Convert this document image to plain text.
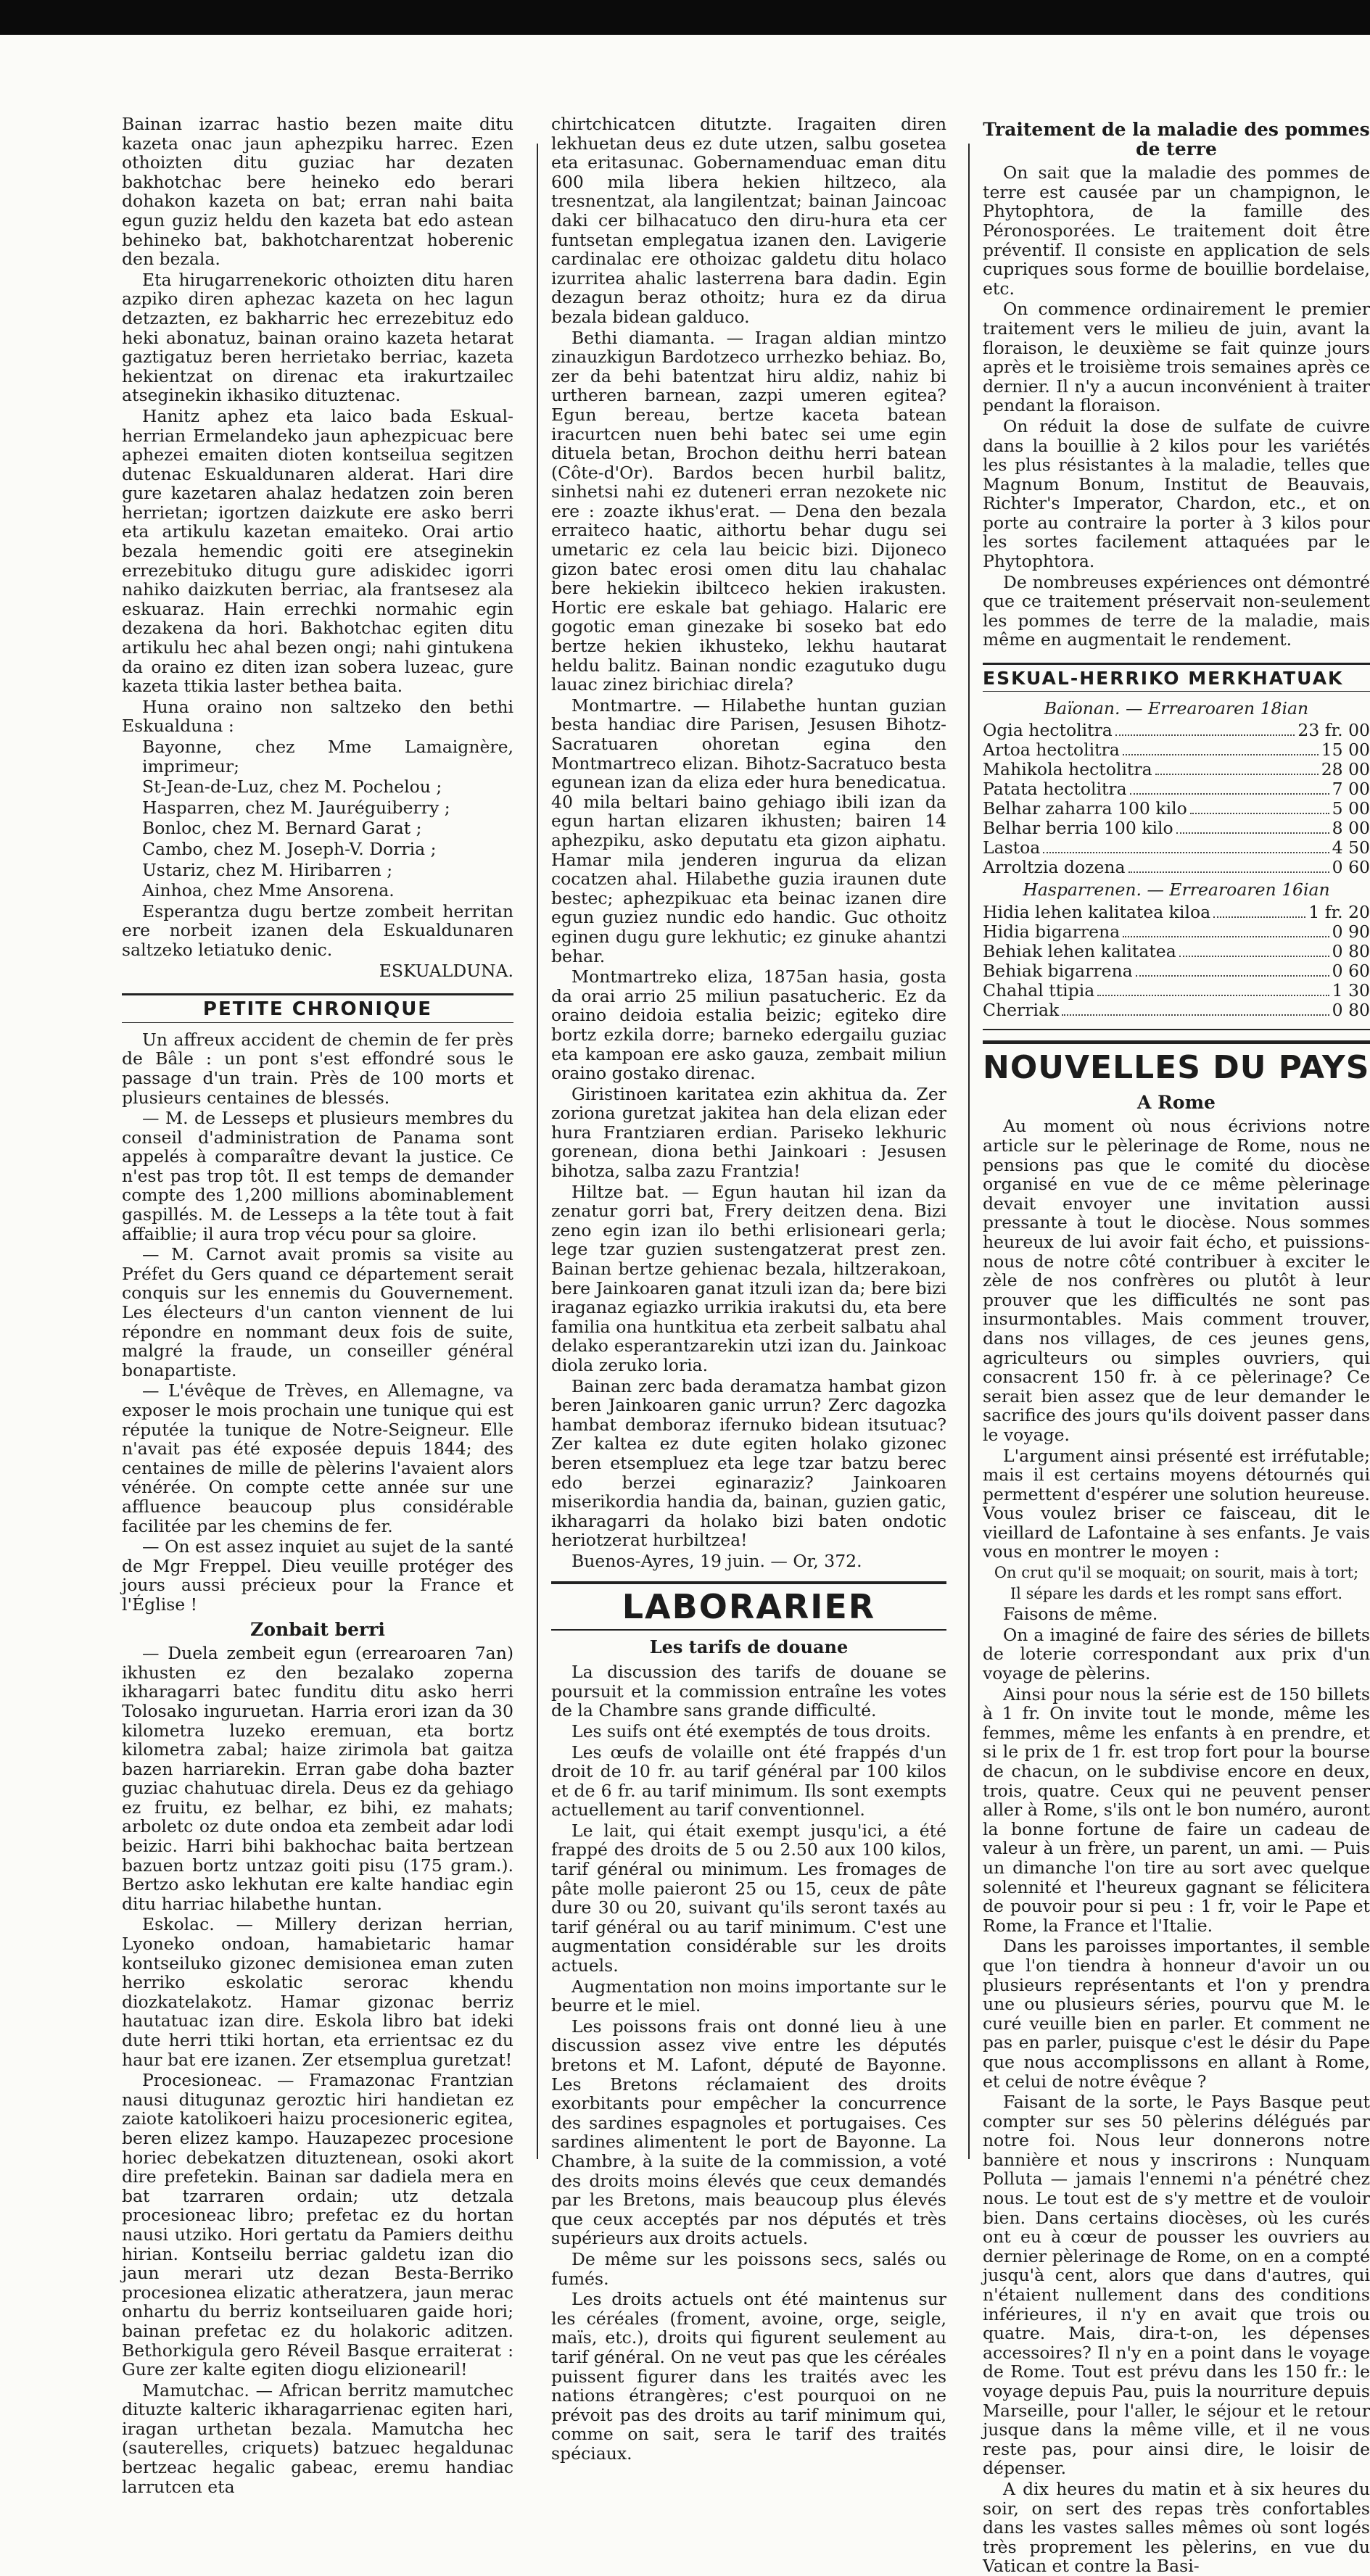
Bainan izarrac hastio bezen maite ditu kazeta onac jaun aphezpiku harrec. Ezen othoizten ditu guziac har dezaten bakhotchac bere heineko edo berari dohakon kazeta on bat; erran nahi baita egun guziz heldu den kazeta bat edo astean behineko bat, bakhotcharentzat hoberenic den bezala.

Eta hirugarrenekoric othoizten ditu haren azpiko diren aphezac kazeta on hec lagun detzazten, ez bakharric hec errezebituz edo heki abonatuz, bainan oraino kazeta hetarat gaztigatuz beren herrietako berriac, kazeta hekientzat on direnac eta irakurtzailec atseginekin ikhasiko dituztenac.

Hanitz aphez eta laico bada Eskual-herrian Ermelandeko jaun aphezpicuac bere aphezei emaiten dioten kontseilua segitzen dutenac Eskualdunaren alderat. Hari dire gure kazetaren ahalaz hedatzen zoin beren herrietan; igortzen daizkute ere asko berri eta artikulu kazetan emaiteko. Orai artio bezala hemendic goiti ere atseginekin errezebituko ditugu gure adiskidec igorri nahiko daizkuten berriac, ala frantsesez ala eskuaraz. Hain errechki normahic egin dezakena da hori. Bakhotchac egiten ditu artikulu hec ahal bezen ongi; nahi gintukena da oraino ez diten izan sobera luzeac, gure kazeta ttikia laster bethea baita.

Huna oraino non saltzeko den bethi Eskualduna :

Bayonne, chez Mme Lamaignère, imprimeur;

St-Jean-de-Luz, chez M. Pochelou ;

Hasparren, chez M. Jauréguiberry ;

Bonloc, chez M. Bernard Garat ;

Cambo, chez M. Joseph-V. Dorria ;

Ustariz, chez M. Hiribarren ;

Ainhoa, chez Mme Ansorena.

Esperantza dugu bertze zombeit herritan ere norbeit izanen dela Eskualdunaren saltzeko letiatuko denic.

ESKUALDUNA.

PETITE CHRONIQUE

Un affreux accident de chemin de fer près de Bâle : un pont s'est effondré sous le passage d'un train. Près de 100 morts et plusieurs centaines de blessés.

— M. de Lesseps et plusieurs membres du conseil d'administration de Panama sont appelés à comparaître devant la justice. Ce n'est pas trop tôt. Il est temps de demander compte des 1,200 millions abominablement gaspillés. M. de Lesseps a la tête tout à fait affaiblie; il aura trop vécu pour sa gloire.

— M. Carnot avait promis sa visite au Préfet du Gers quand ce département serait conquis sur les ennemis du Gouvernement. Les électeurs d'un canton viennent de lui répondre en nommant deux fois de suite, malgré la fraude, un conseiller général bonapartiste.

— L'évêque de Trèves, en Allemagne, va exposer le mois prochain une tunique qui est réputée la tunique de Notre-Seigneur. Elle n'avait pas été exposée depuis 1844; des centaines de mille de pèlerins l'avaient alors vénérée. On compte cette année sur une affluence beaucoup plus considérable facilitée par les chemins de fer.

— On est assez inquiet au sujet de la santé de Mgr Freppel. Dieu veuille protéger des jours aussi précieux pour la France et l'Église !

Zonbait berri

— Duela zembeit egun (errearoaren 7an) ikhusten ez den bezalako zoperna ikharagarri batec funditu ditu asko herri Tolosako inguruetan. Harria erori izan da 30 kilometra luzeko eremuan, eta bortz kilometra zabal; haize zirimola bat gaitza bazen harriarekin. Erran gabe doha bazter guziac chahutuac direla. Deus ez da gehiago ez fruitu, ez belhar, ez bihi, ez mahats; arboletc oz dute ondoa eta zembeit adar lodi beizic. Harri bihi bakhochac baita bertzean bazuen bortz untzaz goiti pisu (175 gram.). Bertzo asko lekhutan ere kalte handiac egin ditu harriac hilabethe huntan.

Eskolac. — Millery derizan herrian, Lyoneko ondoan, hamabietaric hamar kontseiluko gizonec demisionea eman zuten herriko eskolatic serorac khendu diozkatelakotz. Hamar gizonac berriz hautatuac izan dire. Eskola libro bat ideki dute herri ttiki hortan, eta errientsac ez du haur bat ere izanen. Zer etsemplua guretzat!

Procesioneac. — Framazonac Frantzian nausi ditugunaz geroztic hiri handietan ez zaiote katolikoeri haizu procesioneric egitea, beren elizez kampo. Hauzapezec procesione horiec debekatzen dituztenean, osoki akort dire prefetekin. Bainan sar dadiela mera en bat tzarraren ordain; utz detzala procesioneac libro; prefetac ez du hortan nausi utziko. Hori gertatu da Pamiers deithu hirian. Kontseilu berriac galdetu izan dio jaun merari utz dezan Besta-Berriko procesionea elizatic atheratzera, jaun merac onhartu du berriz kontseiluaren gaide hori; bainan prefetac ez du holakoric aditzen. Bethorkigula gero Réveil Basque erraiterat : Gure zer kalte egiten diogu elizionearil!

Mamutchac. — African berritz mamutchec dituzte kalteric ikharagarrienac egiten hari, iragan urthetan bezala. Mamutcha hec (sauterelles, criquets) batzuec hegaldunac bertzeac hegalic gabeac, eremu handiac larrutcen eta

chirtchicatcen ditutzte. Iragaiten diren lekhuetan deus ez dute utzen, salbu gosetea eta eritasunac. Gobernamenduac eman ditu 600 mila libera hekien hiltzeco, ala tresnentzat, ala langilentzat; bainan Jaincoac daki cer bilhacatuco den diru-hura eta cer funtsetan emplegatua izanen den. Lavigerie cardinalac ere othoizac galdetu ditu holaco izurritea ahalic lasterrena bara dadin. Egin dezagun beraz othoitz; hura ez da dirua bezala bidean galduco.

Bethi diamanta. — Iragan aldian mintzo zinauzkigun Bardotzeco urrhezko behiaz. Bo, zer da behi batentzat hiru aldiz, nahiz bi urtheren barnean, zazpi umeren egitea? Egun bereau, bertze kaceta batean iracurtcen nuen behi batec sei ume egin dituela betan, Brochon deithu herri batean (Côte-d'Or). Bardos becen hurbil balitz, sinhetsi nahi ez duteneri erran nezokete nic ere : zoazte ikhus'erat. — Dena den bezala erraiteco haatic, aithortu behar dugu sei umetaric ez cela lau beicic bizi. Dijoneco gizon batec erosi omen ditu lau chahalac bere hekiekin ibiltceco hekien irakusten. Hortic ere eskale bat gehiago. Halaric ere gogotic eman ginezake bi soseko bat edo bertze hekien ikhusteko, lekhu hautarat heldu balitz. Bainan nondic ezagutuko dugu lauac zinez birichiac direla?

Montmartre. — Hilabethe huntan guzian besta handiac dire Parisen, Jesusen Bihotz-Sacratuaren ohoretan egina den Montmartreco elizan. Bihotz-Sacratuco besta egunean izan da eliza eder hura benedicatua. 40 mila beltari baino gehiago ibili izan da egun hartan elizaren ikhusten; bairen 14 aphezpiku, asko deputatu eta gizon aiphatu. Hamar mila jenderen ingurua da elizan cocatzen ahal. Hilabethe guzia iraunen dute bestec; aphezpikuac eta beinac izanen dire egun guziez nundic edo handic. Guc othoitz eginen dugu gure lekhutic; ez ginuke ahantzi behar.

Montmartreko eliza, 1875an hasia, gosta da orai arrio 25 miliun pasatucheric. Ez da oraino deidoia estalia beizic; egiteko dire bortz ezkila dorre; barneko edergailu guziac eta kampoan ere asko gauza, zembait miliun oraino gostako direnac.

Giristinoen karitatea ezin akhitua da. Zer zoriona guretzat jakitea han dela elizan eder hura Frantziaren erdian. Pariseko lekhuric gorenean, diona bethi Jainkoari : Jesusen bihotza, salba zazu Frantzia!

Hiltze bat. — Egun hautan hil izan da zenatur gorri bat, Frery deitzen dena. Bizi zeno egin izan ilo bethi erlisioneari gerla; lege tzar guzien sustengatzerat prest zen. Bainan bertze gehienac bezala, hiltzerakoan, bere Jainkoaren ganat itzuli izan da; bere bizi iraganaz egiazko urrikia irakutsi du, eta bere familia ona huntkitua eta zerbeit salbatu ahal delako esperantzarekin utzi izan du. Jainkoac diola zeruko loria.

Bainan zerc bada deramatza hambat gizon beren Jainkoaren ganic urrun? Zerc dagozka hambat demboraz ifernuko bidean itsutuac? Zer kaltea ez dute egiten holako gizonec beren etsempluez eta lege tzar batzu berec edo berzei eginaraziz? Jainkoaren miserikordia handia da, bainan, guzien gatic, ikharagarri da holako bizi baten ondotic heriotzerat hurbiltzea!

Buenos-Ayres, 19 juin. — Or, 372.

LABORARIER
Les tarifs de douane

La discussion des tarifs de douane se poursuit et la commission entraîne les votes de la Chambre sans grande difficulté.

Les suifs ont été exemptés de tous droits.

Les œufs de volaille ont été frappés d'un droit de 10 fr. au tarif général par 100 kilos et de 6 fr. au tarif minimum. Ils sont exempts actuellement au tarif conventionnel.

Le lait, qui était exempt jusqu'ici, a été frappé des droits de 5 ou 2.50 aux 100 kilos, tarif général ou minimum. Les fromages de pâte molle paieront 25 ou 15, ceux de pâte dure 30 ou 20, suivant qu'ils seront taxés au tarif général ou au tarif minimum. C'est une augmentation considérable sur les droits actuels.

Augmentation non moins importante sur le beurre et le miel.

Les poissons frais ont donné lieu à une discussion assez vive entre les députés bretons et M. Lafont, député de Bayonne. Les Bretons réclamaient des droits exorbitants pour empêcher la concurrence des sardines espagnoles et portugaises. Ces sardines alimentent le port de Bayonne. La Chambre, à la suite de la commission, a voté des droits moins élevés que ceux demandés par les Bretons, mais beaucoup plus élevés que ceux acceptés par nos députés et très supérieurs aux droits actuels.

De même sur les poissons secs, salés ou fumés.

Les droits actuels ont été maintenus sur les céréales (froment, avoine, orge, seigle, maïs, etc.), droits qui figurent seulement au tarif général. On ne veut pas que les céréales puissent figurer dans les traités avec les nations étrangères; c'est pourquoi on ne prévoit pas des droits au tarif minimum qui, comme on sait, sera le tarif des traités spéciaux.

Traitement de la maladie des pommes de terre

On sait que la maladie des pommes de terre est causée par un champignon, le Phytophtora, de la famille des Péronosporées. Le traitement doit être préventif. Il consiste en application de sels cupriques sous forme de bouillie bordelaise, etc.

On commence ordinairement le premier traitement vers le milieu de juin, avant la floraison, le deuxième se fait quinze jours après et le troisième trois semaines après ce dernier. Il n'y a aucun inconvénient à traiter pendant la floraison.

On réduit la dose de sulfate de cuivre dans la bouillie à 2 kilos pour les variétés les plus résistantes à la maladie, telles que Magnum Bonum, Institut de Beauvais, Richter's Imperator, Chardon, etc., et on porte au contraire la porter à 3 kilos pour les sortes facilement attaquées par le Phytophtora.

De nombreuses expériences ont démontré que ce traitement préservait non-seulement les pommes de terre de la maladie, mais même en augmentait le rendement.

ESKUAL-HERRIKO MERKHATUAK
Baïonan. — Errearoaren 18ian
Ogia hectolitra	23 fr. 00
Artoa hectolitra	15 00
Mahikola hectolitra	28 00
Patata hectolitra	7 00
Belhar zaharra 100 kilo	5 00
Belhar berria 100 kilo	8 00
Lastoa	4 50
Arroltzia dozena	0 60
Hasparrenen. — Errearoaren 16ian
Hidia lehen kalitatea kiloa	1 fr. 20
Hidia bigarrena	0 90
Behiak lehen kalitatea	0 80
Behiak bigarrena	0 60
Chahal ttipia	1 30
Cherriak	0 80
NOUVELLES DU PAYS
A Rome

Au moment où nous écrivions notre article sur le pèlerinage de Rome, nous ne pensions pas que le comité du diocèse organisé en vue de ce même pèlerinage devait envoyer une invitation aussi pressante à tout le diocèse. Nous sommes heureux de lui avoir fait écho, et puissions-nous de notre côté contribuer à exciter le zèle de nos confrères ou plutôt à leur prouver que les difficultés ne sont pas insurmontables. Mais comment trouver, dans nos villages, de ces jeunes gens, agriculteurs ou simples ouvriers, qui consacrent 150 fr. à ce pèlerinage? Ce serait bien assez que de leur demander le sacrifice des jours qu'ils doivent passer dans le voyage.

L'argument ainsi présenté est irréfutable; mais il est certains moyens détournés qui permettent d'espérer une solution heureuse. Vous voulez briser ce faisceau, dit le vieillard de Lafontaine à ses enfants. Je vais vous en montrer le moyen :

On crut qu'il se moquait; on sourit, mais à tort;

Il sépare les dards et les rompt sans effort.

Faisons de même.

On a imaginé de faire des séries de billets de loterie correspondant aux prix d'un voyage de pèlerins.

Ainsi pour nous la série est de 150 billets à 1 fr. On invite tout le monde, même les femmes, même les enfants à en prendre, et si le prix de 1 fr. est trop fort pour la bourse de chacun, on le subdivise encore en deux, trois, quatre. Ceux qui ne peuvent penser aller à Rome, s'ils ont le bon numéro, auront la bonne fortune de faire un cadeau de valeur à un frère, un parent, un ami. — Puis un dimanche l'on tire au sort avec quelque solennité et l'heureux gagnant se félicitera de pouvoir pour si peu : 1 fr, voir le Pape et Rome, la France et l'Italie.

Dans les paroisses importantes, il semble que l'on tiendra à honneur d'avoir un ou plusieurs représentants et l'on y prendra une ou plusieurs séries, pourvu que M. le curé veuille bien en parler. Et comment ne pas en parler, puisque c'est le désir du Pape que nous accomplissons en allant à Rome, et celui de notre évêque ?

Faisant de la sorte, le Pays Basque peut compter sur ses 50 pèlerins délégués par notre foi. Nous leur donnerons notre bannière et nous y inscrirons : Nunquam Polluta — jamais l'ennemi n'a pénétré chez nous. Le tout est de s'y mettre et de vouloir bien. Dans certains diocèses, où les curés ont eu à cœur de pousser les ouvriers au dernier pèlerinage de Rome, on en a compté jusqu'à cent, alors que dans d'autres, qui n'étaient nullement dans des conditions inférieures, il n'y en avait que trois ou quatre. Mais, dira-t-on, les dépenses accessoires? Il n'y en a point dans le voyage de Rome. Tout est prévu dans les 150 fr.: le voyage depuis Pau, puis la nourriture depuis Marseille, pour l'aller, le séjour et le retour jusque dans la même ville, et il ne vous reste pas, pour ainsi dire, le loisir de dépenser.

A dix heures du matin et à six heures du soir, on sert des repas très confortables dans les vastes salles mêmes où sont logés très proprement les pèlerins, en vue du Vatican et contre la Basi-
